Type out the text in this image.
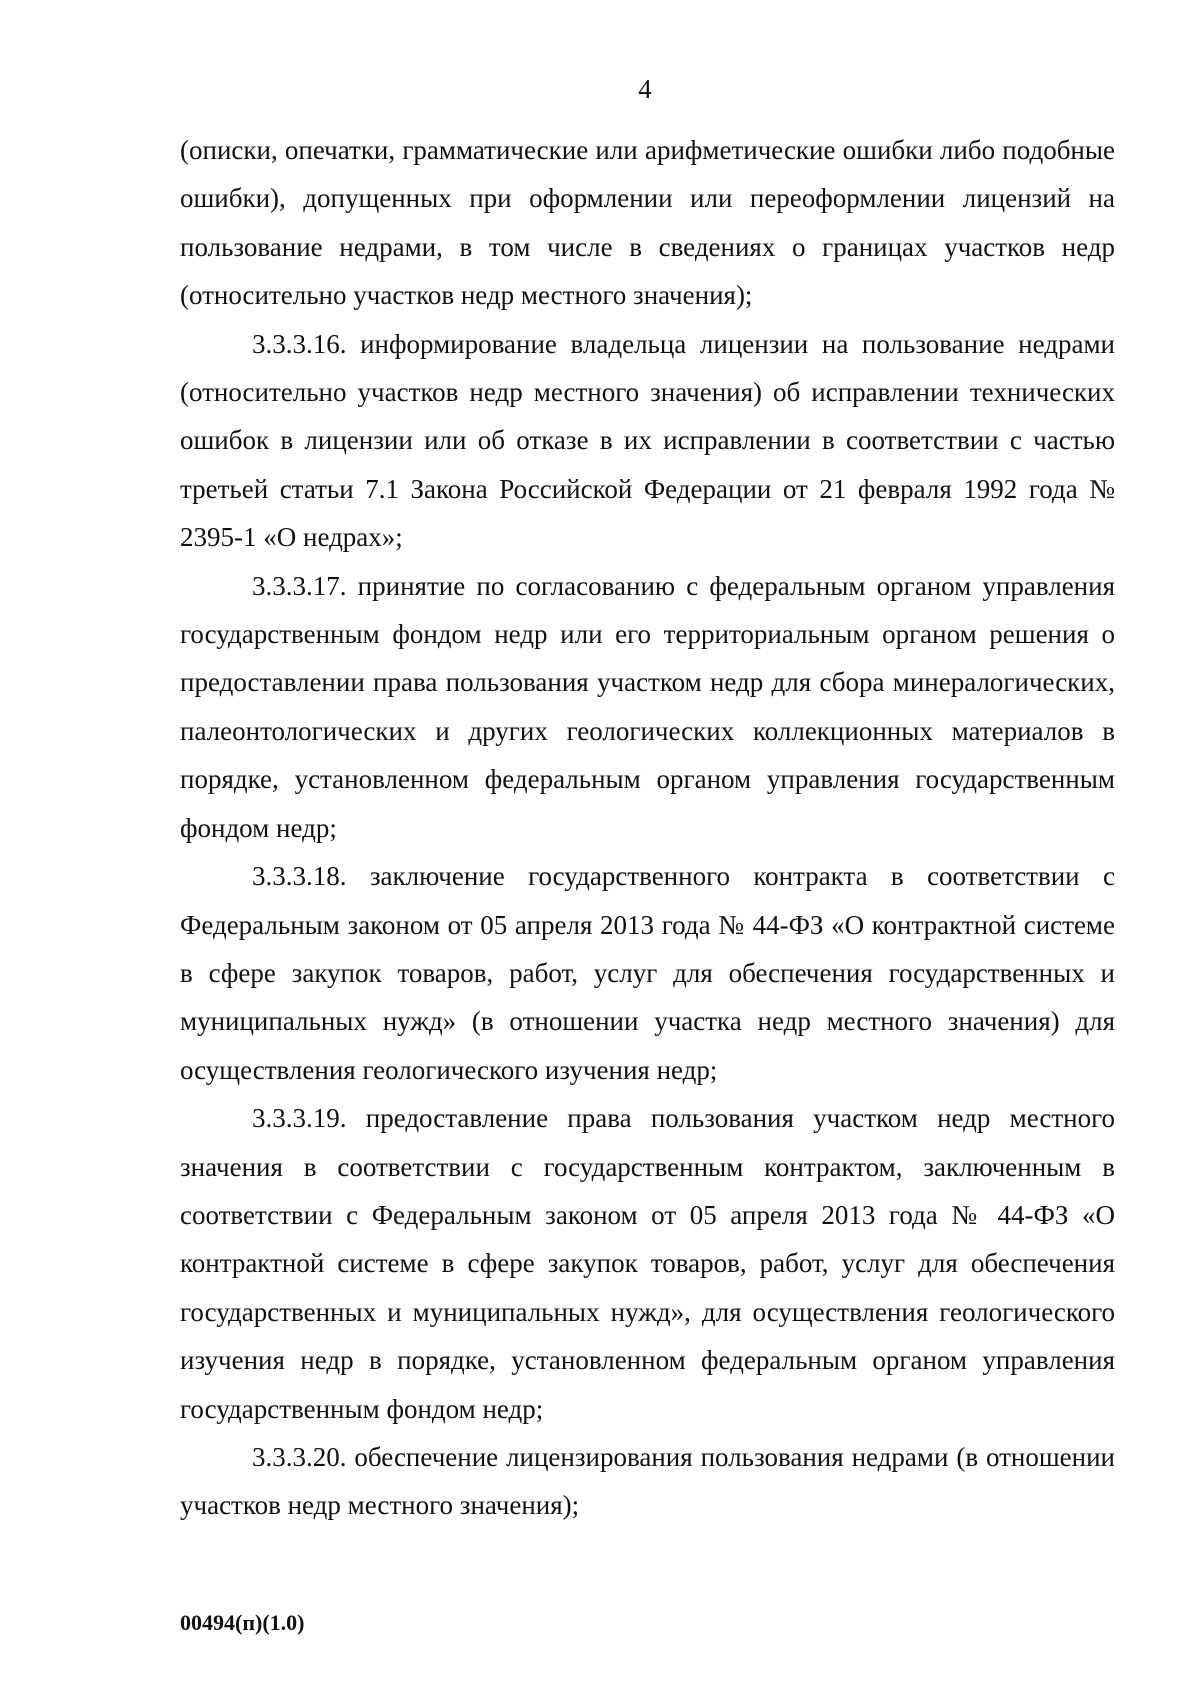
4

(описки, опечатки, грамматические или арифметические ошибки либо подобные ошибки), допущенных при оформлении или переоформлении лицензий на пользование недрами, в том числе в сведениях о границах участков недр (относительно участков недр местного значения);

3.3.3.16. информирование владельца лицензии на пользование недрами (относительно участков недр местного значения) об исправлении технических ошибок в лицензии или об отказе в их исправлении в соответствии с частью третьей статьи 7.1 Закона Российской Федерации от 21 февраля 1992 года № 2395-1 «О недрах»;

3.3.3.17. принятие по согласованию с федеральным органом управления государственным фондом недр или его территориальным органом решения о предоставлении права пользования участком недр для сбора минералогических, палеонтологических и других геологических коллекционных материалов в порядке, установленном федеральным органом управления государственным фондом недр;

3.3.3.18. заключение государственного контракта в соответствии с Федеральным законом от 05 апреля 2013 года № 44-ФЗ «О контрактной системе в сфере закупок товаров, работ, услуг для обеспечения государственных и муниципальных нужд» (в отношении участка недр местного значения) для осуществления геологического изучения недр;

3.3.3.19. предоставление права пользования участком недр местного значения в соответствии с государственным контрактом, заключенным в соответствии с Федеральным законом от 05 апреля 2013 года № 44-ФЗ «О контрактной системе в сфере закупок товаров, работ, услуг для обеспечения государственных и муниципальных нужд», для осуществления геологического изучения недр в порядке, установленном федеральным органом управления государственным фондом недр;

3.3.3.20. обеспечение лицензирования пользования недрами (в отношении участков недр местного значения);

00494(п)(1.0)
